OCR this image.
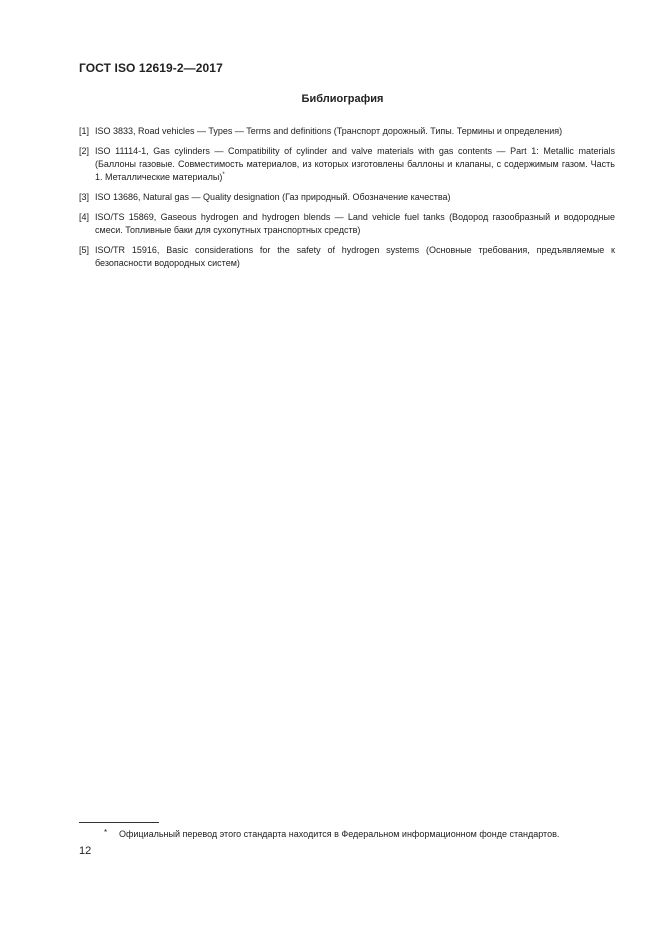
ГОСТ ISO 12619-2—2017
Библиография
[1] ISO 3833, Road vehicles — Types — Terms and definitions (Транспорт дорожный. Типы. Термины и определения)
[2] ISO 11114-1, Gas cylinders — Compatibility of cylinder and valve materials with gas contents — Part 1: Metallic materials (Баллоны газовые. Совместимость материалов, из которых изготовлены баллоны и клапаны, с содержимым газом. Часть 1. Металлические материалы)*
[3] ISO 13686, Natural gas — Quality designation (Газ природный. Обозначение качества)
[4] ISO/TS 15869, Gaseous hydrogen and hydrogen blends — Land vehicle fuel tanks (Водород газообразный и водородные смеси. Топливные баки для сухопутных транспортных средств)
[5] ISO/TR 15916, Basic considerations for the safety of hydrogen systems (Основные требования, предъявляемые к безопасности водородных систем)
*	Официальный перевод этого стандарта находится в Федеральном информационном фонде стандартов.
12
